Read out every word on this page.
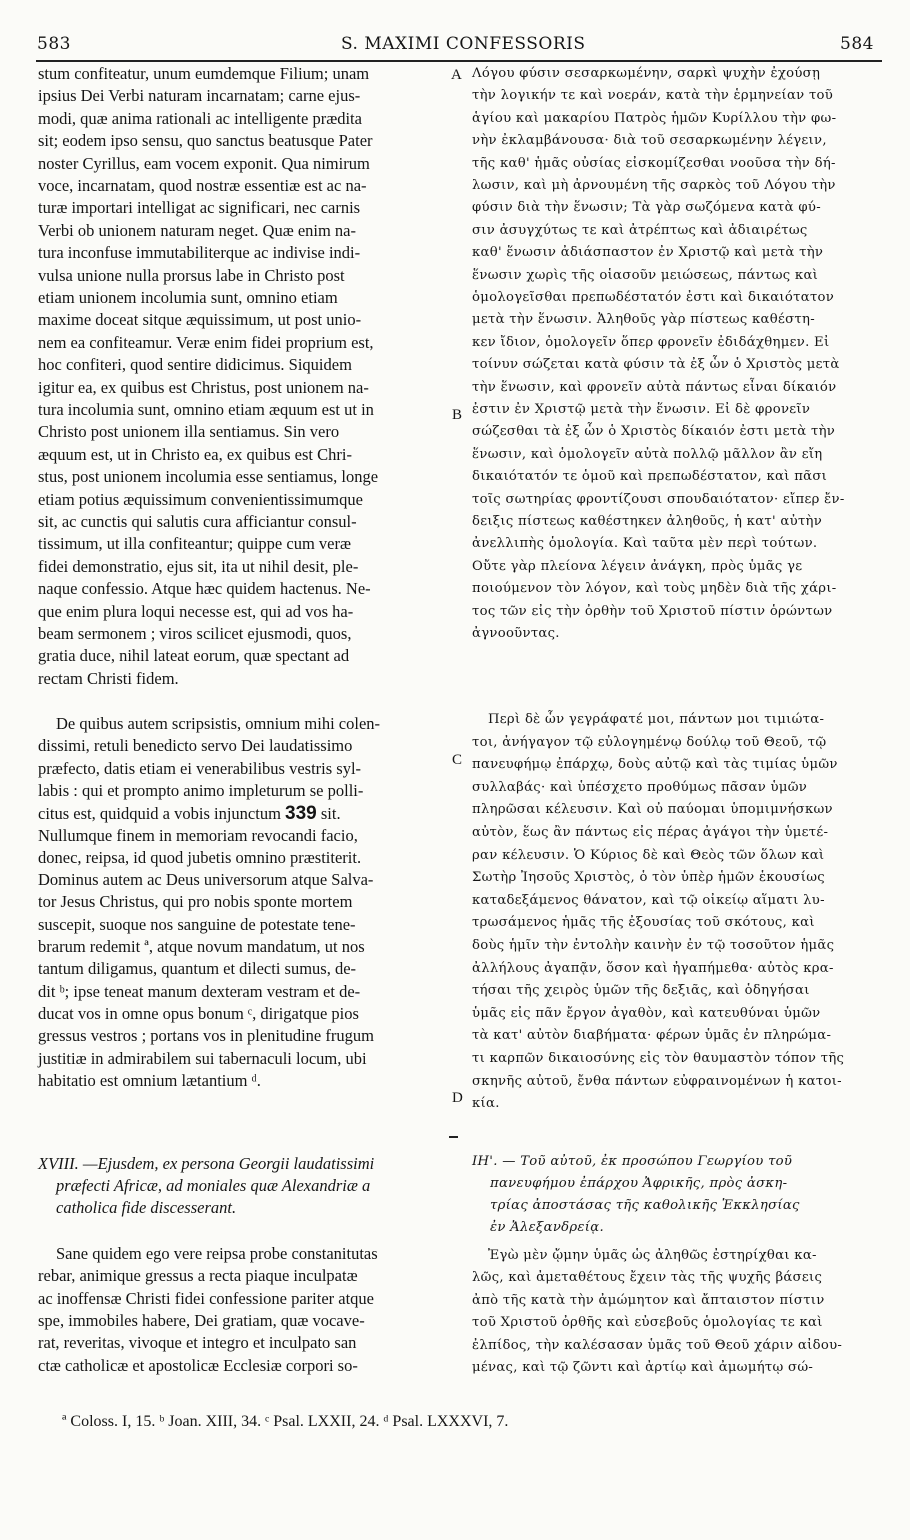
583	S. MAXIMI CONFESSORIS	584
A
B
C
D
stum confiteatur, unum eumdemque Filium; unam
ipsius Dei Verbi naturam incarnatam; carne ejus-
modi, quæ anima rationali ac intelligente prædita
sit; eodem ipso sensu, quo sanctus beatusque Pater
noster Cyrillus, eam vocem exponit. Qua nimirum
voce, incarnatam, quod nostræ essentiæ est ac na-
turæ importari intelligat ac significari, nec carnis
Verbi ob unionem naturam neget. Quæ enim na-
tura inconfuse immutabiliterque ac indivise indi-
vulsa unione nulla prorsus labe in Christo post
etiam unionem incolumia sunt, omnino etiam
maxime doceat sitque æquissimum, ut post unio-
nem ea confiteamur. Veræ enim fidei proprium est,
hoc confiteri, quod sentire didicimus. Siquidem
igitur ea, ex quibus est Christus, post unionem na-
tura incolumia sunt, omnino etiam æquum est ut in
Christo post unionem illa sentiamus. Sin vero
æquum est, ut in Christo ea, ex quibus est Chri-
stus, post unionem incolumia esse sentiamus, longe
etiam potius æquissimum convenientissimumque
sit, ac cunctis qui salutis cura afficiantur consul-
tissimum, ut illa confiteantur; quippe cum veræ
fidei demonstratio, ejus sit, ita ut nihil desit, ple-
naque confessio. Atque hæc quidem hactenus. Ne-
que enim plura loqui necesse est, qui ad vos ha-
beam sermonem ; viros scilicet ejusmodi, quos,
gratia duce, nihil lateat eorum, quæ spectant ad
rectam Christi fidem.
De quibus autem scripsistis, omnium mihi colen-
dissimi, retuli benedicto servo Dei laudatissimo
præfecto, datis etiam ei venerabilibus vestris syl-
labis : qui et prompto animo impleturum se polli-
citus est, quidquid a vobis injunctum 339 sit.
Nullumque finem in memoriam revocandi facio,
donec, reipsa, id quod jubetis omnino præstiterit.
Dominus autem ac Deus universorum atque Salva-
tor Jesus Christus, qui pro nobis sponte mortem
suscepit, suoque nos sanguine de potestate tene-
brarum redemit ª, atque novum mandatum, ut nos
tantum diligamus, quantum et dilecti sumus, de-
dit ᵇ; ipse teneat manum dexteram vestram et de-
ducat vos in omne opus bonum ᶜ, dirigatque pios
gressus vestros ; portans vos in plenitudine frugum
justitiæ in admirabilem sui tabernaculi locum, ubi
habitatio est omnium lætantium ᵈ.
XVIII. —Ejusdem, ex persona Georgii laudatissimi
præfecti Africæ, ad moniales quæ Alexandriæ a
catholica fide discesserant.
Sane quidem ego vere reipsa probe constanitutas
rebar, animique gressus a recta piaque inculpatæ
ac inoffensæ Christi fidei confessione pariter atque
spe, immobiles habere, Dei gratiam, quæ vocave-
rat, reveritas, vivoque et integro et inculpato san
ctæ catholicæ et apostolicæ Ecclesiæ corpori so-
Λόγου φύσιν σεσαρκωμένην, σαρκὶ ψυχὴν ἐχούσῃ
τὴν λογικήν τε καὶ νοεράν, κατὰ τὴν ἑρμηνείαν τοῦ
ἁγίου καὶ μακαρίου Πατρὸς ἡμῶν Κυρίλλου τὴν φω-
νὴν ἐκλαμβάνουσα· διὰ τοῦ σεσαρκωμένην λέγειν,
τῆς καθ' ἡμᾶς οὐσίας εἰσκομίζεσθαι νοοῦσα τὴν δή-
λωσιν, καὶ μὴ ἀρνουμένη τῆς σαρκὸς τοῦ Λόγου τὴν
φύσιν διὰ τὴν ἕνωσιν; Τὰ γὰρ σωζόμενα κατὰ φύ-
σιν ἀσυγχύτως τε καὶ ἀτρέπτως καὶ ἀδιαιρέτως
καθ' ἕνωσιν ἀδιάσπαστον ἐν Χριστῷ καὶ μετὰ τὴν
ἕνωσιν χωρὶς τῆς οἱασοῦν μειώσεως, πάντως καὶ
ὁμολογεῖσθαι πρεπωδέστατόν ἐστι καὶ δικαιότατον
μετὰ τὴν ἕνωσιν. Ἀληθοῦς γὰρ πίστεως καθέστη-
κεν ἴδιον, ὁμολογεῖν ὅπερ φρονεῖν ἐδιδάχθημεν. Εἰ
τοίνυν σώζεται κατὰ φύσιν τὰ ἐξ ὧν ὁ Χριστὸς μετὰ
τὴν ἕνωσιν, καὶ φρονεῖν αὐτὰ πάντως εἶναι δίκαιόν
ἐστιν ἐν Χριστῷ μετὰ τὴν ἕνωσιν. Εἰ δὲ φρονεῖν
σώζεσθαι τὰ ἐξ ὧν ὁ Χριστὸς δίκαιόν ἐστι μετὰ τὴν
ἕνωσιν, καὶ ὁμολογεῖν αὐτὰ πολλῷ μᾶλλον ἂν εἴη
δικαιότατόν τε ὁμοῦ καὶ πρεπωδέστατον, καὶ πᾶσι
τοῖς σωτηρίας φροντίζουσι σπουδαιότατον· εἴπερ ἔν-
δειξις πίστεως καθέστηκεν ἀληθοῦς, ἡ κατ' αὐτὴν
ἀνελλιπὴς ὁμολογία. Καὶ ταῦτα μὲν περὶ τούτων.
Οὔτε γὰρ πλείονα λέγειν ἀνάγκη, πρὸς ὑμᾶς γε
ποιούμενον τὸν λόγον, καὶ τοὺς μηδὲν διὰ τῆς χάρι-
τος τῶν εἰς τὴν ὀρθὴν τοῦ Χριστοῦ πίστιν ὁρώντων
ἀγνοοῦντας.
Περὶ δὲ ὧν γεγράφατέ μοι, πάντων μοι τιμιώτα-
τοι, ἀνήγαγον τῷ εὐλογημένῳ δούλῳ τοῦ Θεοῦ, τῷ
πανευφήμῳ ἐπάρχῳ, δοὺς αὐτῷ καὶ τὰς τιμίας ὑμῶν
συλλαβάς· καὶ ὑπέσχετο προθύμως πᾶσαν ὑμῶν
πληρῶσαι κέλευσιν. Καὶ οὐ παύομαι ὑπομιμνήσκων
αὐτὸν, ἕως ἂν πάντως εἰς πέρας ἀγάγοι τὴν ὑμετέ-
ραν κέλευσιν. Ὁ Κύριος δὲ καὶ Θεὸς τῶν ὅλων καὶ
Σωτὴρ Ἰησοῦς Χριστὸς, ὁ τὸν ὑπὲρ ἡμῶν ἑκουσίως
καταδεξάμενος θάνατον, καὶ τῷ οἰκείῳ αἵματι λυ-
τρωσάμενος ἡμᾶς τῆς ἐξουσίας τοῦ σκότους, καὶ
δοὺς ἡμῖν τὴν ἐντολὴν καινὴν ἐν τῷ τοσοῦτον ἡμᾶς
ἀλλήλους ἀγαπᾷν, ὅσον καὶ ἠγαπήμεθα· αὐτὸς κρα-
τήσαι τῆς χειρὸς ὑμῶν τῆς δεξιᾶς, καὶ ὁδηγήσαι
ὑμᾶς εἰς πᾶν ἔργον ἀγαθὸν, καὶ κατευθύναι ὑμῶν
τὰ κατ' αὐτὸν διαβήματα· φέρων ὑμᾶς ἐν πληρώμα-
τι καρπῶν δικαιοσύνης εἰς τὸν θαυμαστὸν τόπον τῆς
σκηνῆς αὐτοῦ, ἔνθα πάντων εὐφραινομένων ἡ κατοι-
κία.
ΙΗ'. — Τοῦ αὐτοῦ, ἐκ προσώπου Γεωργίου τοῦ
πανευφήμου ἐπάρχου Ἀφρικῆς, πρὸς ἀσκη-
τρίας ἀποστάσας τῆς καθολικῆς Ἐκκλησίας
ἐν Ἀλεξανδρείᾳ.
Ἐγὼ μὲν ᾤμην ὑμᾶς ὡς ἀληθῶς ἐστηρίχθαι κα-
λῶς, καὶ ἀμεταθέτους ἔχειν τὰς τῆς ψυχῆς βάσεις
ἀπὸ τῆς κατὰ τὴν ἀμώμητον καὶ ἄπταιστον πίστιν
τοῦ Χριστοῦ ὀρθῆς καὶ εὐσεβοῦς ὁμολογίας τε καὶ
ἐλπίδος, τὴν καλέσασαν ὑμᾶς τοῦ Θεοῦ χάριν αἰδου-
μένας, καὶ τῷ ζῶντι καὶ ἀρτίῳ καὶ ἀμωμήτῳ σώ-
ª Coloss. I, 15. ᵇ Joan. XIII, 34. ᶜ Psal. LXXII, 24. ᵈ Psal. LXXXVI, 7.
